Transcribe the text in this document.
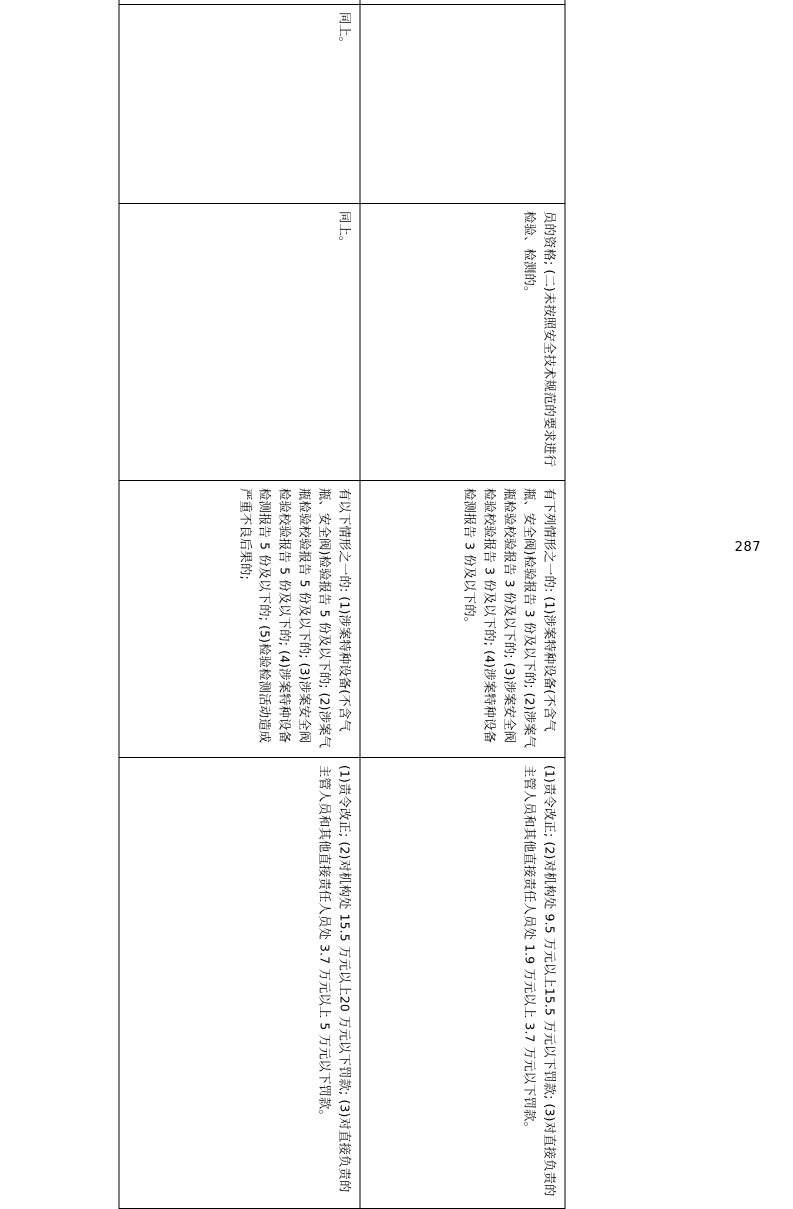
287
		员的资格; (二)未按照安全技术规范的要求进行检验、检测的。	有下列情形之一的: (1)涉案特种设备(不含气瓶、安全阀)检验报告 3 份及以下的; (2)涉案气瓶检验校验报告 3 份及以下的; (3)涉案安全阀检验校验报告 3 份及以下的; (4)涉案特种设备检测报告 3 份及以下的。	(1)责令改正; (2)对机构处 9.5 万元以上15.5 万元以下罚款; (3)对直接负责的主管人员和其他直接责任人员处 1.9 万元以上 3.7 万元以下罚款。
	同上。	同上。	有以下情形之一的: (1)涉案特种设备(不含气瓶、安全阀)检验报告 5 份及以下的; (2)涉案气瓶检验校验报告 5 份及以下的; (3)涉案安全阀检验校验报告 5 份及以下的; (4)涉案特种设备检测报告 5 份及以下的; (5)检验检测活动造成严重不良后果的;	(1)责令改正; (2)对机构处 15.5 万元以上20 万元以下罚款; (3)对直接负责的主管人员和其他直接责任人员处 3.7 万元以上 5 万元以下罚款。
